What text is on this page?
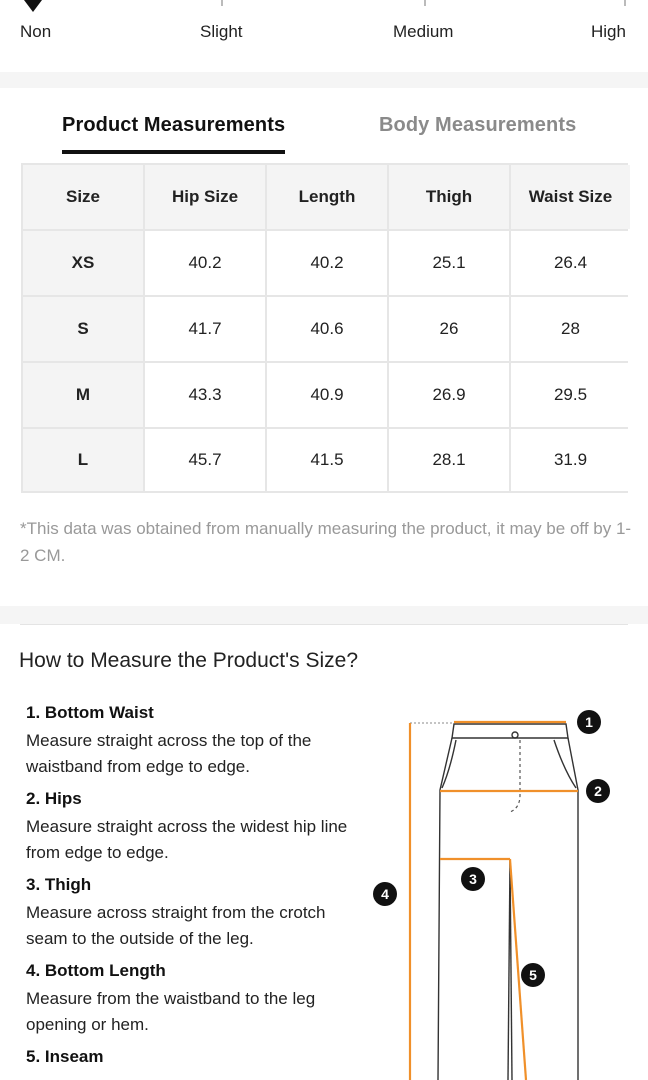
Non	Slight	Medium	High
Product Measurements	Body Measurements
Size	Hip Size	Length	Thigh	Waist Size
XS	40.2	40.2	25.1	26.4
S	41.7	40.6	26	28
M	43.3	40.9	26.9	29.5
L	45.7	41.5	28.1	31.9

*This data was obtained from manually measuring the product, it may be off by 1-2 CM.

How to Measure the Product's Size?
1. Bottom Waist
Measure straight across the top of the waistband from edge to edge.
2. Hips
Measure straight across the widest hip line from edge to edge.
3. Thigh
Measure across straight from the crotch seam to the outside of the leg.
4. Bottom Length
Measure from the waistband to the leg opening or hem.
5. Inseam
1
2
3
4
5
